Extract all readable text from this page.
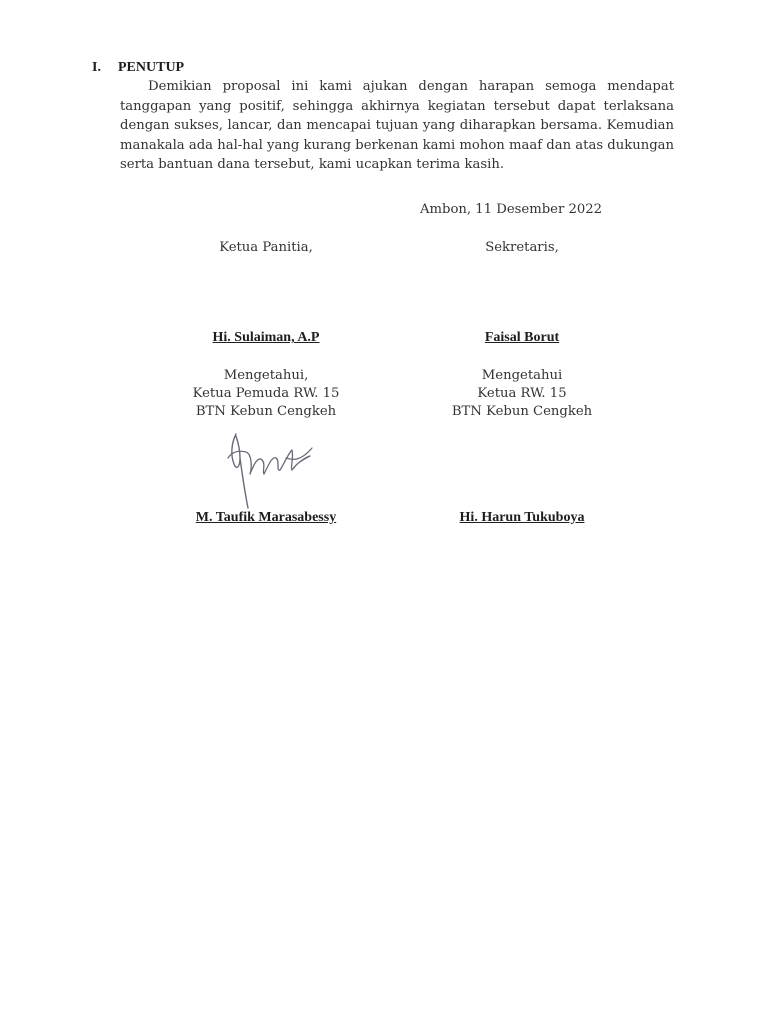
I. PENUTUP
Demikian proposal ini kami ajukan dengan harapan semoga mendapat tanggapan yang positif, sehingga akhirnya kegiatan tersebut dapat terlaksana dengan sukses, lancar, dan mencapai tujuan yang diharapkan bersama. Kemudian manakala ada hal-hal yang kurang berkenan kami mohon maaf dan atas dukungan serta bantuan dana tersebut, kami ucapkan terima kasih.
Ambon, 11 Desember 2022
Ketua Panitia,
Hi. Sulaiman, A.P
Mengetahui,
Ketua Pemuda RW. 15
BTN Kebun Cengkeh
M. Taufik Marasabessy
Sekretaris,
Faisal Borut
Mengetahui
Ketua RW. 15
BTN Kebun Cengkeh
Hi. Harun Tukuboya
